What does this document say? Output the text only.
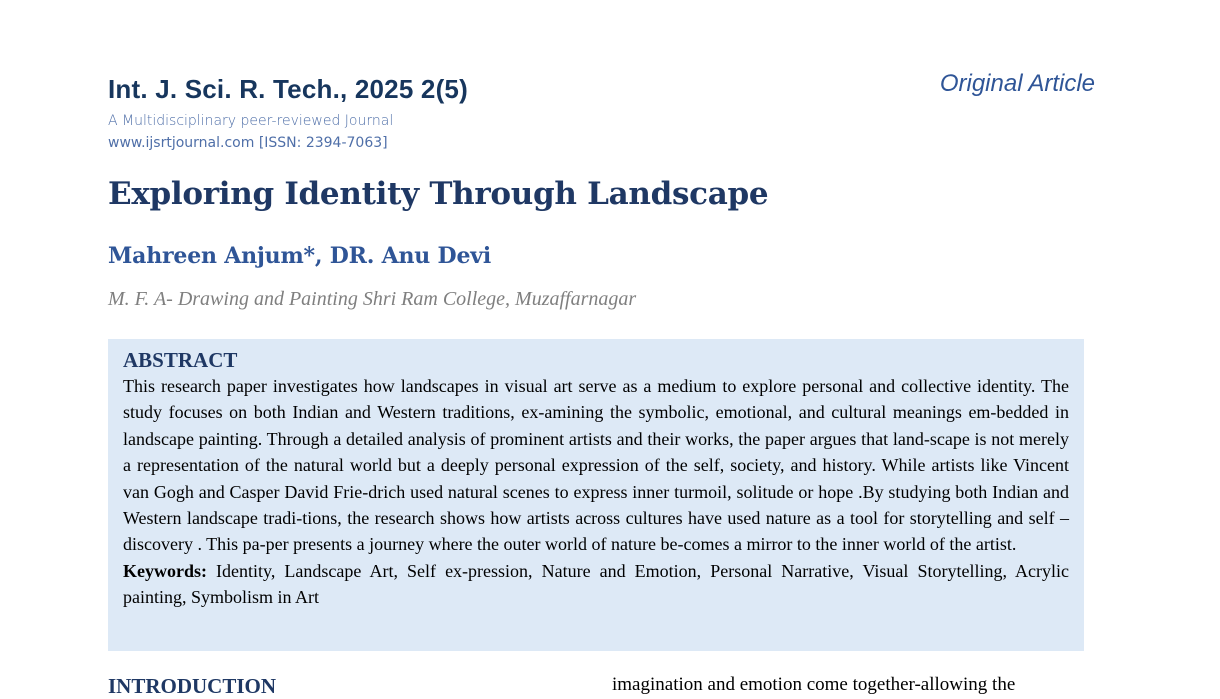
Int. J. Sci. R. Tech., 2025 2(5)	Original Article
A Multidisciplinary peer-reviewed Journal
www.ijsrtjournal.com [ISSN: 2394-7063]
Exploring Identity Through Landscape
Mahreen Anjum*, DR. Anu Devi
M. F. A- Drawing and Painting Shri Ram College, Muzaffarnagar

ABSTRACT

This research paper investigates how landscapes in visual art serve as a medium to explore personal and collective identity. The study focuses on both Indian and Western traditions, ex-amining the symbolic, emotional, and cultural meanings em-bedded in landscape painting. Through a detailed analysis of prominent artists and their works, the paper argues that land-scape is not merely a representation of the natural world but a deeply personal expression of the self, society, and history. While artists like Vincent van Gogh and Casper David Frie-drich used natural scenes to express inner turmoil, solitude or hope .By studying both Indian and Western landscape tradi-tions, the research shows how artists across cultures have used nature as a tool for storytelling and self –discovery . This pa-per presents a journey where the outer world of nature be-comes a mirror to the inner world of the artist.

Keywords: Identity, Landscape Art, Self ex-pression, Nature and Emotion, Personal Narrative, Visual Storytelling, Acrylic painting, Symbolism in Art

INTRODUCTION	imagination and emotion come together-allowing the
